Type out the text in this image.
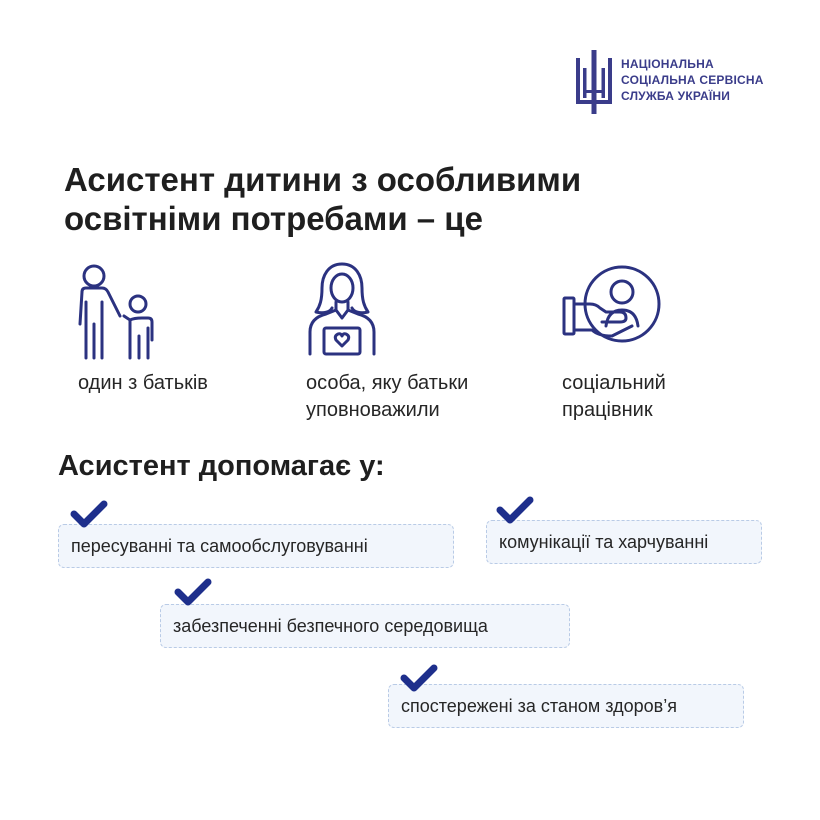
НАЦІОНАЛЬНА
СОЦІАЛЬНА СЕРВІСНА
СЛУЖБА УКРАЇНИ
Асистент дитини з особливими
освітніми потребами – це
один з батьків	особа, яку батьки
уповноважили
соціальний
працівник
Асистент допомагає у:
пересуванні та самообслуговуванні	комунікації та харчуванні
забезпеченні безпечного середовища
спостережені за станом здоров’я
